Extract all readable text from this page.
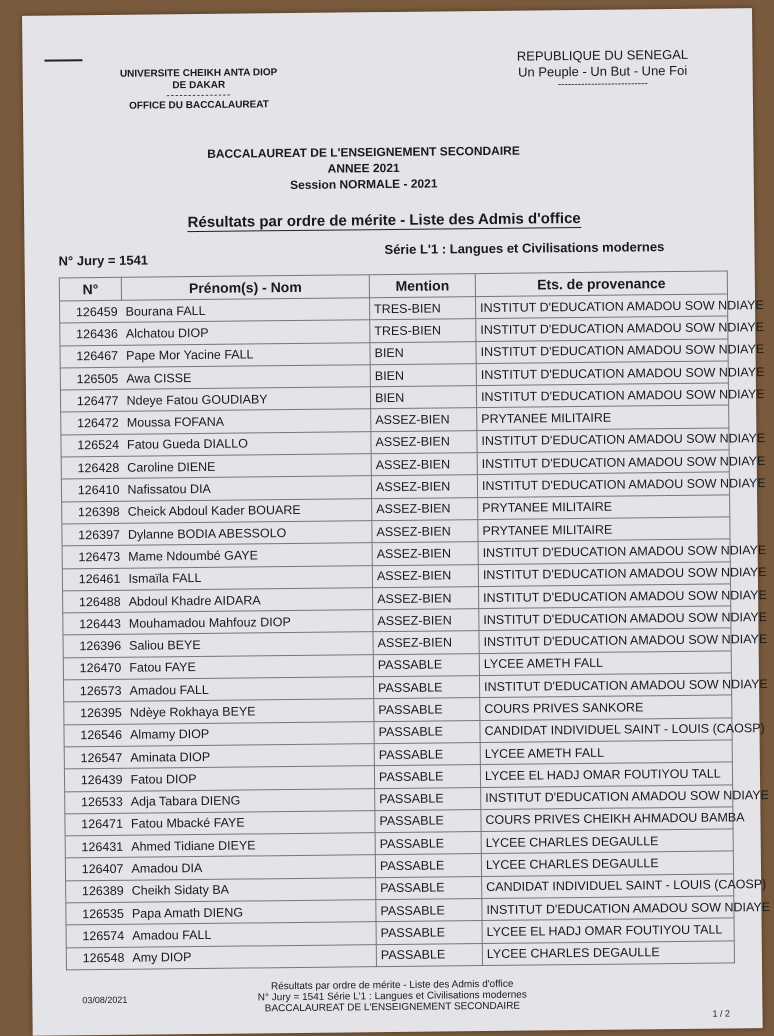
UNIVERSITE CHEIKH ANTA DIOP
DE DAKAR
---------------
OFFICE DU BACCALAUREAT
REPUBLIQUE DU SENEGAL
Un Peuple - Un But - Une Foi
---------------------------
BACCALAUREAT DE L'ENSEIGNEMENT SECONDAIRE
ANNEE 2021
Session NORMALE - 2021
Résultats par ordre de mérite - Liste des Admis d'office
N° Jury = 1541
Série L'1 : Langues et Civilisations modernes
N°	Prénom(s) - Nom	Mention	Ets. de provenance
126459	Bourana FALL	TRES-BIEN	INSTITUT D'EDUCATION AMADOU SOW NDIAYE
126436	Alchatou DIOP	TRES-BIEN	INSTITUT D'EDUCATION AMADOU SOW NDIAYE
126467	Pape Mor Yacine FALL	BIEN	INSTITUT D'EDUCATION AMADOU SOW NDIAYE
126505	Awa CISSE	BIEN	INSTITUT D'EDUCATION AMADOU SOW NDIAYE
126477	Ndeye Fatou GOUDIABY	BIEN	INSTITUT D'EDUCATION AMADOU SOW NDIAYE
126472	Moussa FOFANA	ASSEZ-BIEN	PRYTANEE MILITAIRE
126524	Fatou Gueda DIALLO	ASSEZ-BIEN	INSTITUT D'EDUCATION AMADOU SOW NDIAYE
126428	Caroline DIENE	ASSEZ-BIEN	INSTITUT D'EDUCATION AMADOU SOW NDIAYE
126410	Nafissatou DIA	ASSEZ-BIEN	INSTITUT D'EDUCATION AMADOU SOW NDIAYE
126398	Cheick Abdoul Kader BOUARE	ASSEZ-BIEN	PRYTANEE MILITAIRE
126397	Dylanne BODIA ABESSOLO	ASSEZ-BIEN	PRYTANEE MILITAIRE
126473	Mame Ndoumbé GAYE	ASSEZ-BIEN	INSTITUT D'EDUCATION AMADOU SOW NDIAYE
126461	Ismaïla FALL	ASSEZ-BIEN	INSTITUT D'EDUCATION AMADOU SOW NDIAYE
126488	Abdoul Khadre AIDARA	ASSEZ-BIEN	INSTITUT D'EDUCATION AMADOU SOW NDIAYE
126443	Mouhamadou Mahfouz DIOP	ASSEZ-BIEN	INSTITUT D'EDUCATION AMADOU SOW NDIAYE
126396	Saliou BEYE	ASSEZ-BIEN	INSTITUT D'EDUCATION AMADOU SOW NDIAYE
126470	Fatou FAYE	PASSABLE	LYCEE AMETH FALL
126573	Amadou FALL	PASSABLE	INSTITUT D'EDUCATION AMADOU SOW NDIAYE
126395	Ndèye Rokhaya BEYE	PASSABLE	COURS PRIVES SANKORE
126546	Almamy DIOP	PASSABLE	CANDIDAT INDIVIDUEL SAINT - LOUIS (CAOSP)
126547	Aminata DIOP	PASSABLE	LYCEE AMETH FALL
126439	Fatou DIOP	PASSABLE	LYCEE EL HADJ OMAR FOUTIYOU TALL
126533	Adja Tabara DIENG	PASSABLE	INSTITUT D'EDUCATION AMADOU SOW NDIAYE
126471	Fatou Mbacké FAYE	PASSABLE	COURS PRIVES CHEIKH AHMADOU BAMBA
126431	Ahmed Tidiane DIEYE	PASSABLE	LYCEE CHARLES DEGAULLE
126407	Amadou DIA	PASSABLE	LYCEE CHARLES DEGAULLE
126389	Cheikh Sidaty BA	PASSABLE	CANDIDAT INDIVIDUEL SAINT - LOUIS (CAOSP)
126535	Papa Amath DIENG	PASSABLE	INSTITUT D'EDUCATION AMADOU SOW NDIAYE
126574	Amadou FALL	PASSABLE	LYCEE EL HADJ OMAR FOUTIYOU TALL
126548	Amy DIOP	PASSABLE	LYCEE CHARLES DEGAULLE
03/08/2021
Résultats par ordre de mérite - Liste des Admis d'office
N° Jury = 1541 Série L'1 : Langues et Civilisations modernes
BACCALAUREAT DE L'ENSEIGNEMENT SECONDAIRE	1 / 2
